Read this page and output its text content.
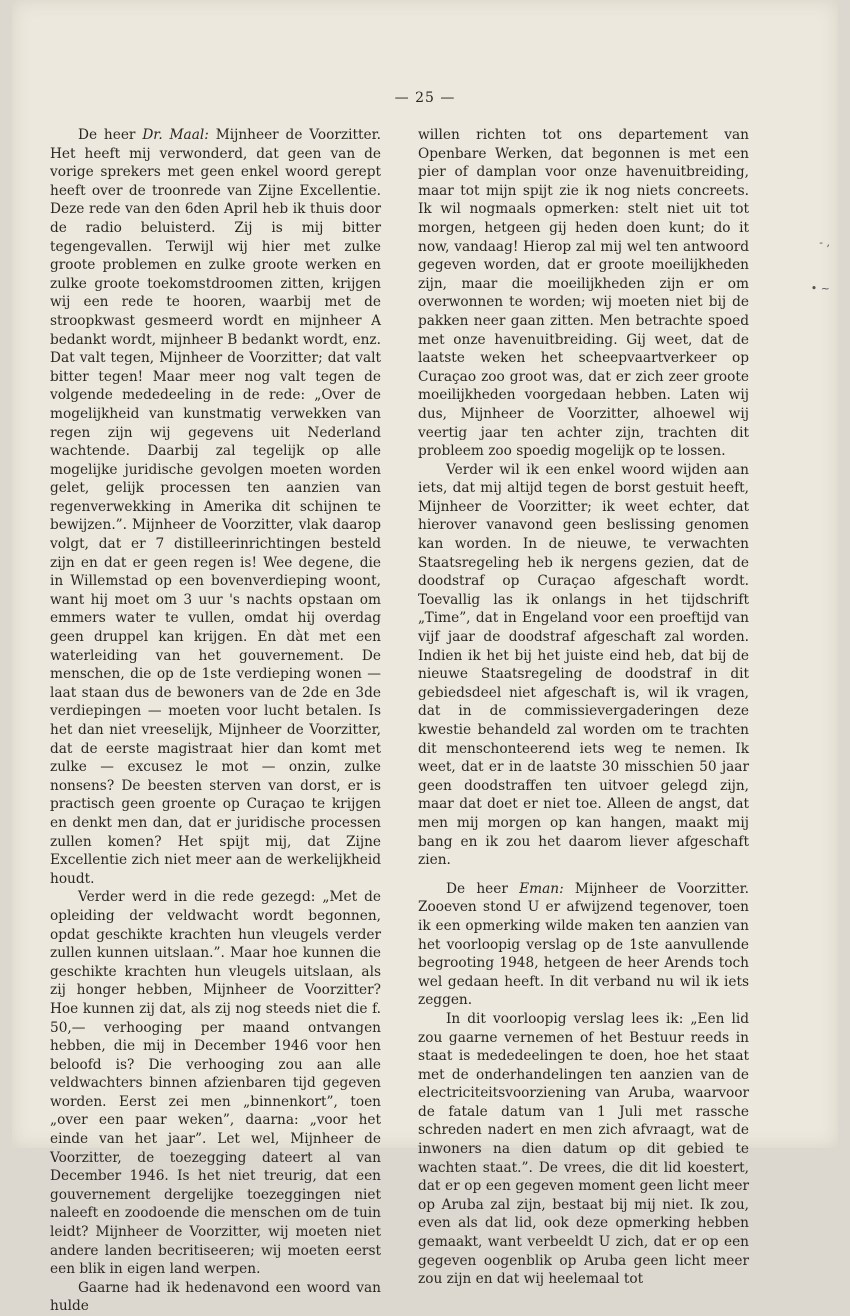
— 25 —

De heer Dr. Maal: Mijnheer de Voorzitter. Het heeft mij verwonderd, dat geen van de vorige sprekers met geen enkel woord gerept heeft over de troonrede van Zijne Excellentie. Deze rede van den 6den April heb ik thuis door de radio beluisterd. Zij is mij bitter tegengevallen. Terwijl wij hier met zulke groote problemen en zulke groote werken en zulke groote toekomstdroomen zitten, krijgen wij een rede te hooren, waarbij met de stroopkwast gesmeerd wordt en mijnheer A bedankt wordt, mijnheer B bedankt wordt, enz. Dat valt tegen, Mijnheer de Voorzitter; dat valt bitter tegen! Maar meer nog valt tegen de volgende mededeeling in de rede: „Over de mogelijkheid van kunstmatig verwekken van regen zijn wij gegevens uit Nederland wachtende. Daarbij zal tegelijk op alle mogelijke juridische gevolgen moeten worden gelet, gelijk processen ten aanzien van regenverwekking in Amerika dit schijnen te bewijzen.”. Mijnheer de Voorzitter, vlak daarop volgt, dat er 7 distilleerinrichtingen besteld zijn en dat er geen regen is! Wee degene, die in Willemstad op een bovenverdieping woont, want hij moet om 3 uur 's nachts opstaan om emmers water te vullen, omdat hij overdag geen druppel kan krijgen. En dàt met een waterleiding van het gouvernement. De menschen, die op de 1ste verdieping wonen — laat staan dus de bewoners van de 2de en 3de verdiepingen — moeten voor lucht betalen. Is het dan niet vreeselijk, Mijnheer de Voorzitter, dat de eerste magistraat hier dan komt met zulke — excusez le mot — onzin, zulke nonsens? De beesten sterven van dorst, er is practisch geen groente op Curaçao te krijgen en denkt men dan, dat er juridische processen zullen komen? Het spijt mij, dat Zijne Excellentie zich niet meer aan de werkelijkheid houdt.

Verder werd in die rede gezegd: „Met de opleiding der veldwacht wordt begonnen, opdat geschikte krachten hun vleugels verder zullen kunnen uitslaan.”. Maar hoe kunnen die geschikte krachten hun vleugels uitslaan, als zij honger hebben, Mijnheer de Voorzitter? Hoe kunnen zij dat, als zij nog steeds niet die f. 50,— verhooging per maand ontvangen hebben, die mij in December 1946 voor hen beloofd is? Die verhooging zou aan alle veldwachters binnen afzienbaren tijd gegeven worden. Eerst zei men „binnenkort”, toen „over een paar weken”, daarna: „voor het einde van het jaar”. Let wel, Mijnheer de Voorzitter, de toezegging dateert al van December 1946. Is het niet treurig, dat een gouvernement dergelijke toezeggingen niet naleeft en zoodoende die menschen om de tuin leidt? Mijnheer de Voorzitter, wij moeten niet andere landen becritiseeren; wij moeten eerst een blik in eigen land werpen.

Gaarne had ik hedenavond een woord van hulde

willen richten tot ons departement van Openbare Werken, dat begonnen is met een pier of damplan voor onze havenuitbreiding, maar tot mijn spijt zie ik nog niets concreets. Ik wil nogmaals opmerken: stelt niet uit tot morgen, hetgeen gij heden doen kunt; do it now, vandaag! Hierop zal mij wel ten antwoord gegeven worden, dat er groote moeilijkheden zijn, maar die moeilijkheden zijn er om overwonnen te worden; wij moeten niet bij de pakken neer gaan zitten. Men betrachte spoed met onze havenuitbreiding. Gij weet, dat de laatste weken het scheepvaartverkeer op Curaçao zoo groot was, dat er zich zeer groote moeilijkheden voorgedaan hebben. Laten wij dus, Mijnheer de Voorzitter, alhoewel wij veertig jaar ten achter zijn, trachten dit probleem zoo spoedig mogelijk op te lossen.

Verder wil ik een enkel woord wijden aan iets, dat mij altijd tegen de borst gestuit heeft, Mijnheer de Voorzitter; ik weet echter, dat hierover vanavond geen beslissing genomen kan worden. In de nieuwe, te verwachten Staatsregeling heb ik nergens gezien, dat de doodstraf op Curaçao afgeschaft wordt. Toevallig las ik onlangs in het tijdschrift „Time”, dat in Engeland voor een proeftijd van vijf jaar de doodstraf afgeschaft zal worden. Indien ik het bij het juiste eind heb, dat bij de nieuwe Staatsregeling de doodstraf in dit gebiedsdeel niet afgeschaft is, wil ik vragen, dat in de commissievergaderingen deze kwestie behandeld zal worden om te trachten dit menschonteerend iets weg te nemen. Ik weet, dat er in de laatste 30 misschien 50 jaar geen doodstraffen ten uitvoer gelegd zijn, maar dat doet er niet toe. Alleen de angst, dat men mij morgen op kan hangen, maakt mij bang en ik zou het daarom liever afgeschaft zien.

De heer Eman: Mijnheer de Voorzitter. Zooeven stond U er afwijzend tegenover, toen ik een opmerking wilde maken ten aanzien van het voorloopig verslag op de 1ste aanvullende begrooting 1948, hetgeen de heer Arends toch wel gedaan heeft. In dit verband nu wil ik iets zeggen.

In dit voorloopig verslag lees ik: „Een lid zou gaarne vernemen of het Bestuur reeds in staat is mededeelingen te doen, hoe het staat met de onderhandelingen ten aanzien van de electriciteitsvoorziening van Aruba, waarvoor de fatale datum van 1 Juli met rassche schreden nadert en men zich afvraagt, wat de inwoners na dien datum op dit gebied te wachten staat.”. De vrees, die dit lid koestert, dat er op een gegeven moment geen licht meer op Aruba zal zijn, bestaat bij mij niet. Ik zou, even als dat lid, ook deze opmerking hebben gemaakt, want verbeeldt U zich, dat er op een gegeven oogenblik op Aruba geen licht meer zou zijn en dat wij heelemaal tot

- ,
• ~
